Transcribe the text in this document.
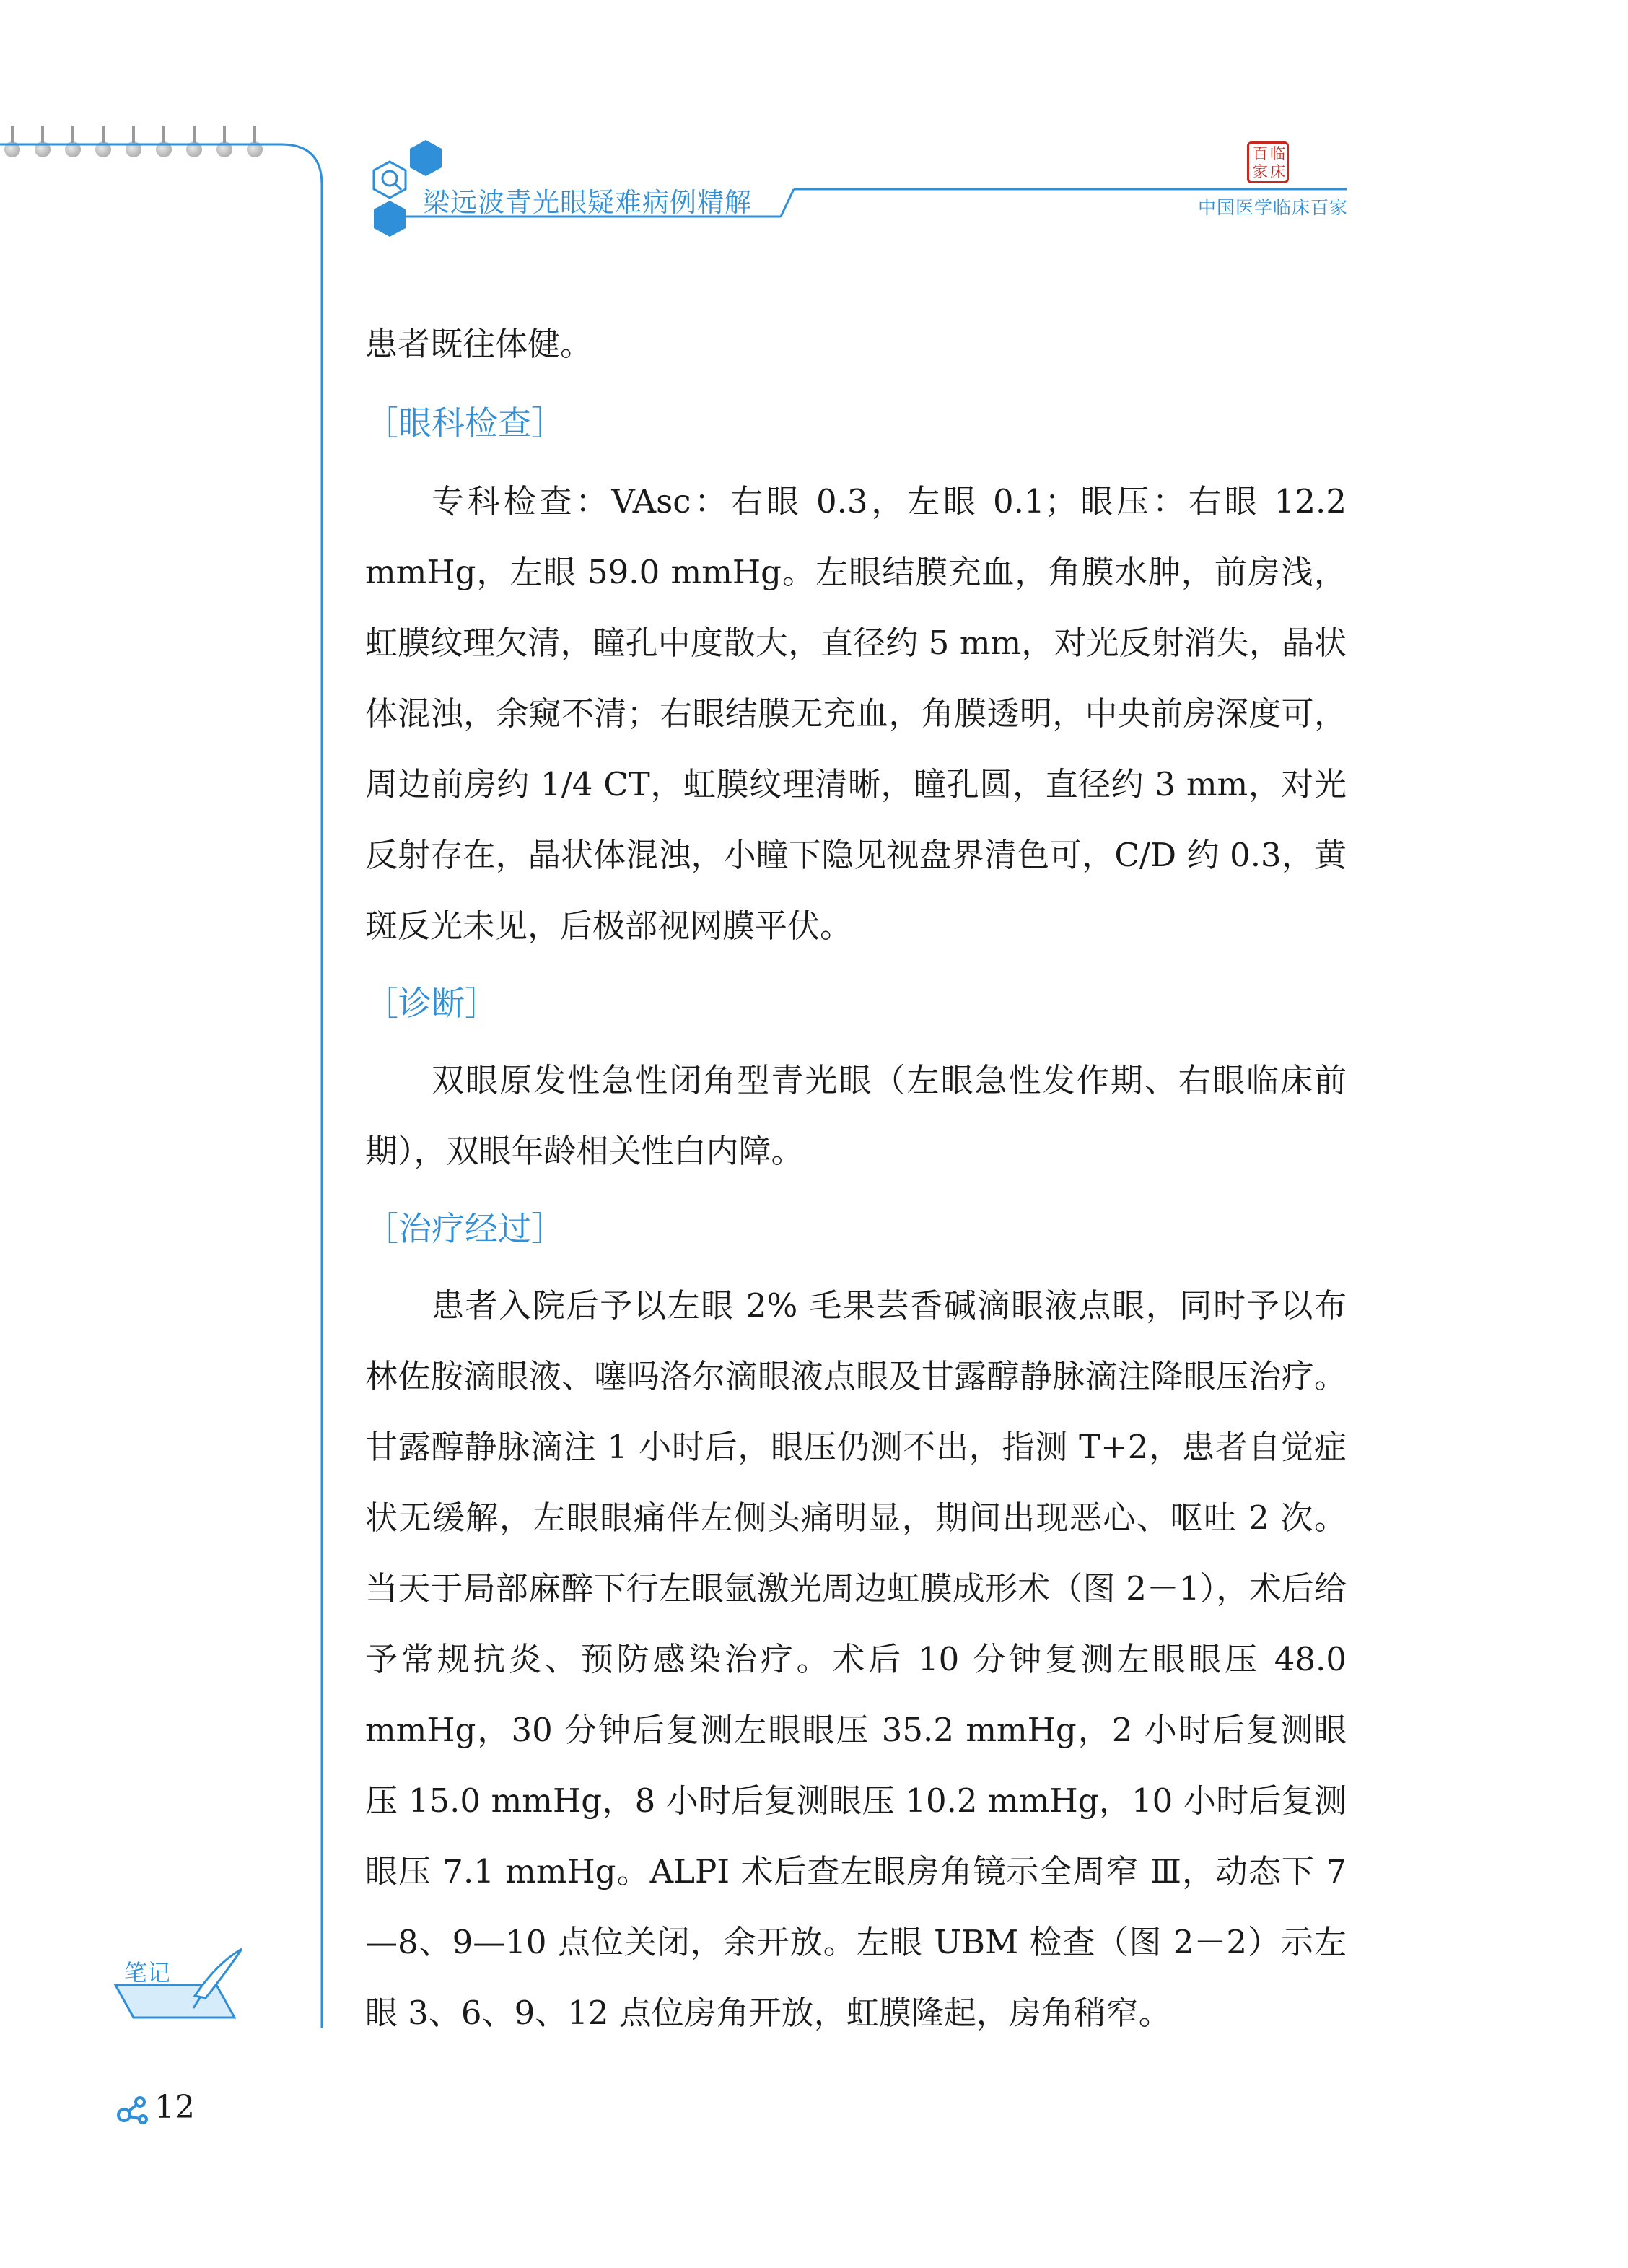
梁远波青光眼疑难病例精解
百 临
家 床
中国医学临床百家

患者既往体健。

［眼科检查］

专科检查：VAsc：右眼 0.3，左眼 0.1；眼压：右眼 12.2 mmHg，左眼 59.0 mmHg。左眼结膜充血，角膜水肿，前房浅，虹膜纹理欠清，瞳孔中度散大，直径约 5 mm，对光反射消失，晶状体混浊，余窥不清；右眼结膜无充血，角膜透明，中央前房深度可，周边前房约 1/4 CT，虹膜纹理清晰，瞳孔圆，直径约 3 mm，对光反射存在，晶状体混浊，小瞳下隐见视盘界清色可，C/D 约 0.3，黄斑反光未见，后极部视网膜平伏。

［诊断］

双眼原发性急性闭角型青光眼（左眼急性发作期、右眼临床前期），双眼年龄相关性白内障。

［治疗经过］

患者入院后予以左眼 2% 毛果芸香碱滴眼液点眼，同时予以布林佐胺滴眼液、噻吗洛尔滴眼液点眼及甘露醇静脉滴注降眼压治疗。甘露醇静脉滴注 1 小时后，眼压仍测不出，指测 T+2，患者自觉症状无缓解，左眼眼痛伴左侧头痛明显，期间出现恶心、呕吐 2 次。当天于局部麻醉下行左眼氩激光周边虹膜成形术（图 2－1），术后给予常规抗炎、预防感染治疗。术后 10 分钟复测左眼眼压 48.0 mmHg，30 分钟后复测左眼眼压 35.2 mmHg，2 小时后复测眼压 15.0 mmHg，8 小时后复测眼压 10.2 mmHg，10 小时后复测眼压 7.1 mmHg。ALPI 术后查左眼房角镜示全周窄 Ⅲ，动态下 7—8、9—10 点位关闭，余开放。左眼 UBM 检查（图 2－2）示左眼 3、6、9、12 点位房角开放，虹膜隆起，房角稍窄。

笔记
12
